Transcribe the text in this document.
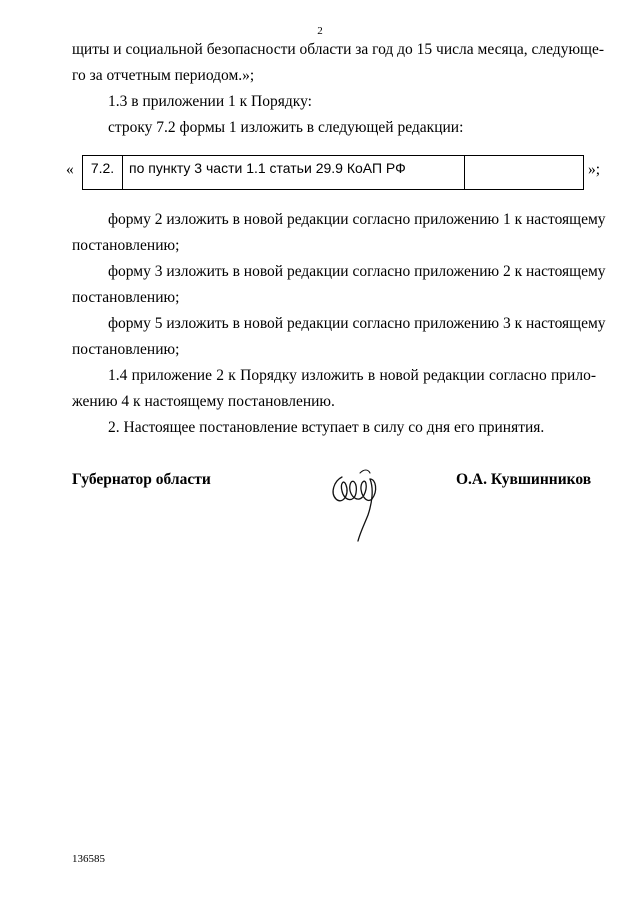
2
щиты и социальной безопасности области за год до 15 числа месяца, следующе-
го за отчетным периодом.»;
1.3 в приложении 1 к Порядку:
строку 7.2 формы 1 изложить в следующей редакции:
«	7.2.	по пункту 3 части 1.1 статьи 29.9 КоАП РФ	»;
форму 2 изложить в новой редакции согласно приложению 1 к настоящему
постановлению;
форму 3 изложить в новой редакции согласно приложению 2 к настоящему
постановлению;
форму 5 изложить в новой редакции согласно приложению 3 к настоящему
постановлению;
1.4 приложение 2 к Порядку изложить в новой редакции согласно прило-
жению 4 к настоящему постановлению.
2. Настоящее постановление вступает в силу со дня его принятия.
Губернатор области	О.А. Кувшинников
136585
